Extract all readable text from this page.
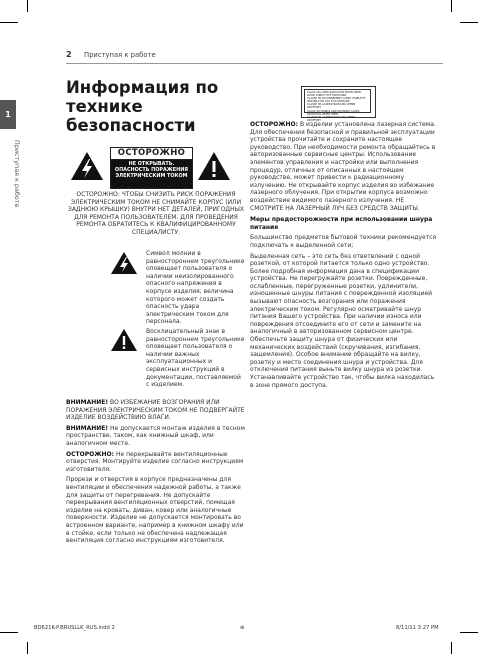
1
Приступая к работе
2 Приступая к работе
Информация по технике безопасности
ОСТОРОЖНО
НЕ ОТКРЫВАТЬ. ОПАСНОСТЬ ПОРАЖЕНИЯ ЭЛЕКТРИЧЕСКИМ ТОКОМ

ОСТОРОЖНО: ЧТОБЫ СНИЗИТЬ РИСК ПОРАЖЕНИЯ ЭЛЕКТРИЧЕСКИМ ТОКОМ НЕ СНИМАЙТЕ КОРПУС (ИЛИ ЗАДНЮЮ КРЫШКУ) ВНУТРИ НЕТ ДЕТАЛЕЙ, ПРИГОДНЫХ ДЛЯ РЕМОНТА ПОЛЬЗОВАТЕЛЕМ. ДЛЯ ПРОВЕДЕНИЯ РЕМОНТА ОБРАТИТЕСЬ К КВАЛИФИЦИРОВАННОМУ СПЕЦИАЛИСТУ.

Символ молнии в равностороннем треугольнике оповещает пользователя о наличии неизолированного опасного напряжения в корпусе изделия, величина которого может создать опасность удара электрическим током для персонала.

Восклицательный знак в равностороннем треугольнике оповещает пользователя о наличии важных эксплуатационных и сервисных инструкций в документации, поставляемой с изделием.

ВНИМАНИЕ! ВО ИЗБЕЖАНИЕ ВОЗГОРАНИЯ ИЛИ ПОРАЖЕНИЯ ЭЛЕКТРИЧЕСКИМ ТОКОМ НЕ ПОДВЕРГАЙТЕ ИЗДЕЛИЕ ВОЗДЕЙСТВИЮ ВЛАГИ.

ВНИМАНИЕ! Не допускается монтаж изделия в тесном пространстве, таком, как книжный шкаф, или аналогичном месте.

ОСТОРОЖНО: Не перекрывайте вентиляционные отверстия. Монтируйте изделие согласно инструкциям изготовителя.

Прорези и отверстия в корпусе предназначены для вентиляции и обеспечения надежной работы, а также для защиты от перегревания. Не допускайте перекрывания вентиляционных отверстий, помещая изделие на кровать, диван, ковер или аналогичные поверхности. Изделие не допускается монтировать во встроенном варианте, например в книжном шкафу или в стойке, если только не обеспечена надлежащая вентиляция согласно инструкциям изготовителя.

CLASS 3R LASER RADIATION WHEN OPEN. AVOID DIRECT EYE EXPOSURE.
CLASSE 3R RAYONNEMENT LASER VISIBLE ET INVISIBLE EN CAS D'OUVERTURE.
CLASSE 3R LASERSTRAHLUNG WENN GEÖFFNET.
CLASS 3R VISIBLE AND INVISIBLE LASER RADIATION WHEN OPEN.
CLASSE 3R LASERSTRAHLUNG WENN GEÖFFNET.

ОСТОРОЖНО: В изделии установлена лазерная система. Для обеспечения безопасной и правильной эксплуатации устройства прочитайте и сохраните настоящее руководство. При необходимости ремонта обращайтесь в авторизованные сервисные центры. Использование элементов управления и настройки или выполнения процедур, отличных от описанных в настоящем руководстве, может привести к радиационному излучению. Не открывайте корпус изделия во избежание лазерного облучения. При открытии корпуса возможно воздействие видимого лазерного излучения. НЕ СМОТРИТЕ НА ЛАЗЕРНЫЙ ЛУЧ БЕЗ СРЕДСТВ ЗАЩИТЫ.

Меры предосторожности при использовании шнура питания

Большинство предметов бытовой техники рекомендуется подключать к выделенной сети;

Выделенная сеть – это сеть без ответвлений с одной розеткой, от которой питается только одно устройство. Более подробная информация дана в спецификации устройства. Не перегружайте розетки. Поврежденные, ослабленные, перегруженные розетки, удлинители, изношенные шнуры питания с поврежденной изоляцией вызывают опасность возгорания или поражения электрическим током. Регулярно осматривайте шнур питания Вашего устройства. При наличии износа или повреждения отсоедините его от сети и замените на аналогичный в авторизованном сервисном центре. Обеспечьте защиту шнура от физических или механических воздействий (скручивания, изгибания, защемления). Особое внимание обращайте на вилку, розетку и место соединения шнура и устройства. Для отключения питания выньте вилку шнура из розетки. Устанавливайте устройство так, чтобы вилка находилась в зоне прямого доступа.

BD621K-P.BRUSLLK_RUS.indd 2	⊕	8/11/11 3:27 PM
